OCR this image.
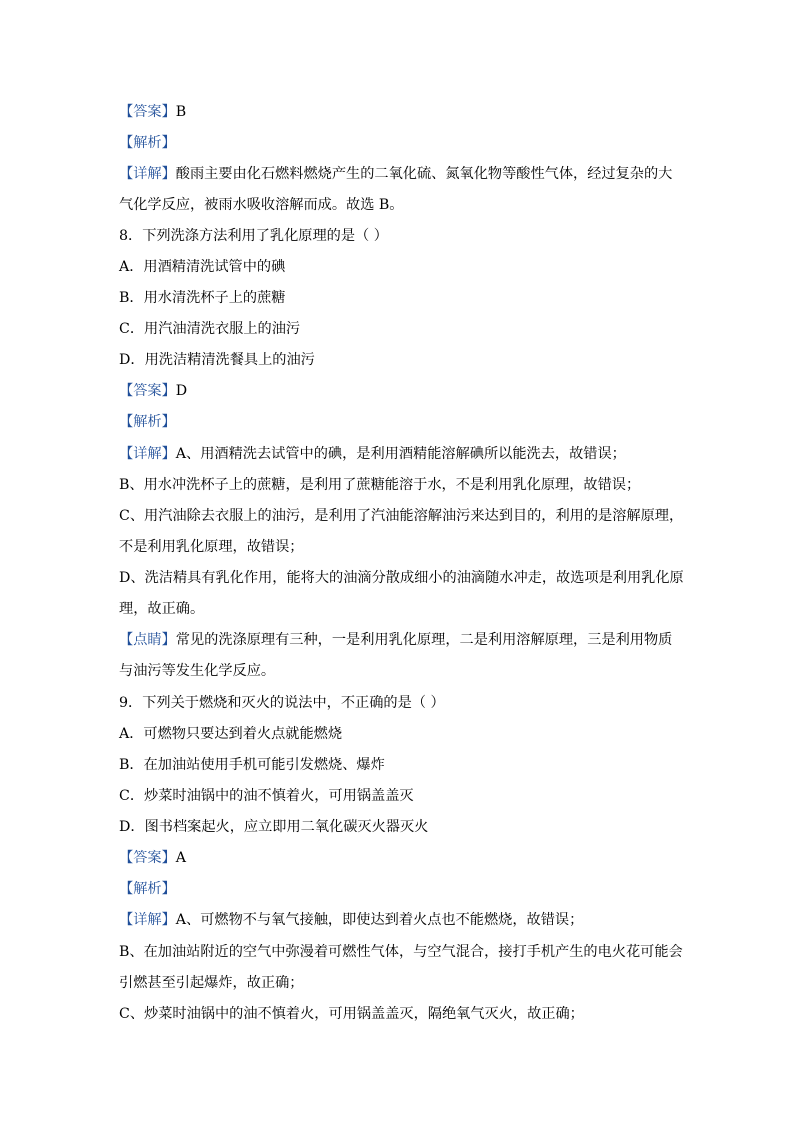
【答案】B
【解析】
【详解】酸雨主要由化石燃料燃烧产生的二氧化硫、氮氧化物等酸性气体，经过复杂的大
气化学反应，被雨水吸收溶解而成。故选 B。
8．下列洗涤方法利用了乳化原理的是（ ）
A．用酒精清洗试管中的碘
B．用水清洗杯子上的蔗糖
C．用汽油清洗衣服上的油污
D．用洗洁精清洗餐具上的油污
【答案】D
【解析】
【详解】A、用酒精洗去试管中的碘，是利用酒精能溶解碘所以能洗去，故错误；
B、用水冲洗杯子上的蔗糖，是利用了蔗糖能溶于水，不是利用乳化原理，故错误；
C、用汽油除去衣服上的油污，是利用了汽油能溶解油污来达到目的，利用的是溶解原理，
不是利用乳化原理，故错误；
D、洗洁精具有乳化作用，能将大的油滴分散成细小的油滴随水冲走，故选项是利用乳化原
理，故正确。
【点睛】常见的洗涤原理有三种，一是利用乳化原理，二是利用溶解原理，三是利用物质
与油污等发生化学反应。
9．下列关于燃烧和灭火的说法中，不正确的是（ ）
A．可燃物只要达到着火点就能燃烧
B．在加油站使用手机可能引发燃烧、爆炸
C．炒菜时油锅中的油不慎着火，可用锅盖盖灭
D．图书档案起火，应立即用二氧化碳灭火器灭火
【答案】A
【解析】
【详解】A、可燃物不与氧气接触，即使达到着火点也不能燃烧，故错误；
B、在加油站附近的空气中弥漫着可燃性气体，与空气混合，接打手机产生的电火花可能会
引燃甚至引起爆炸，故正确；
C、炒菜时油锅中的油不慎着火，可用锅盖盖灭，隔绝氧气灭火，故正确；
